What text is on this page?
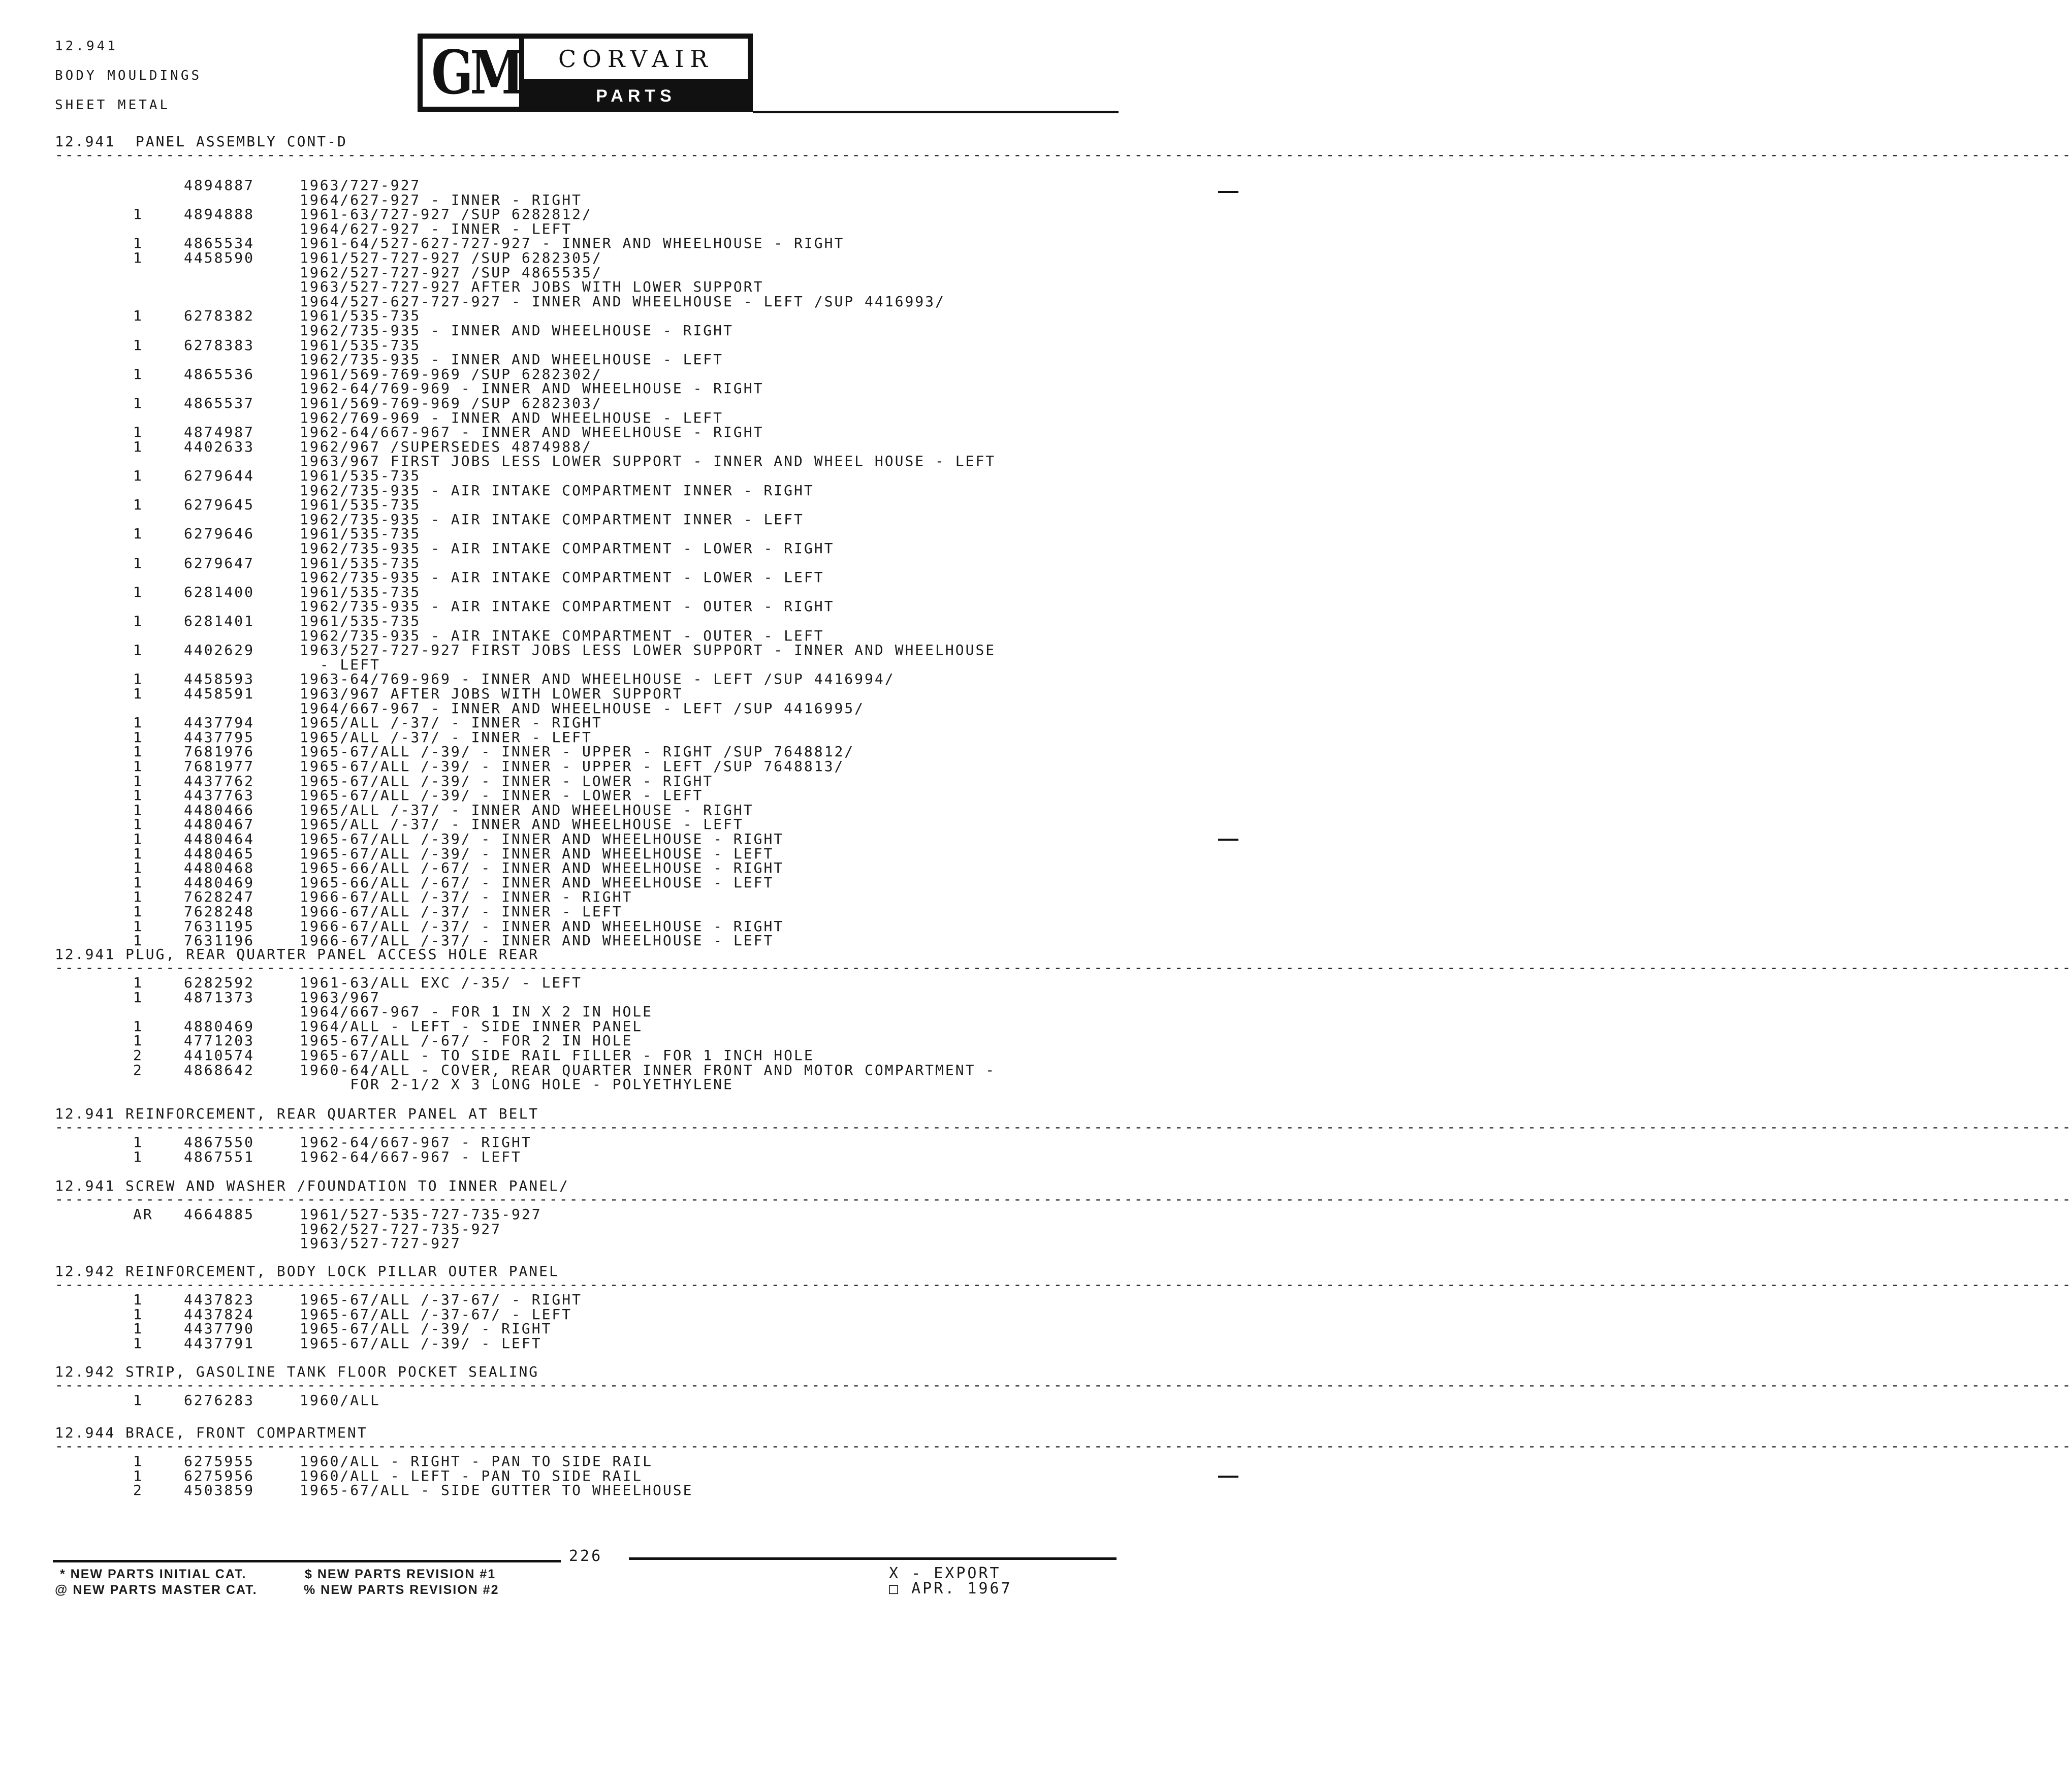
12.941
BODY MOULDINGS
SHEET METAL	GM	CORVAIR
PARTS CATALOGUE
12.941  PANEL ASSEMBLY CONT-D
--------------------------------------------------------------------------------------------------------------------------------------------------------------------------------------------------------
4894887	1963/727-927
1964/627-927 - INNER - RIGHT
1	4894888	1961-63/727-927 /SUP 6282812/
1964/627-927 - INNER - LEFT
1	4865534	1961-64/527-627-727-927 - INNER AND WHEELHOUSE - RIGHT
1	4458590	1961/527-727-927 /SUP 6282305/
1962/527-727-927 /SUP 4865535/
1963/527-727-927 AFTER JOBS WITH LOWER SUPPORT
1964/527-627-727-927 - INNER AND WHEELHOUSE - LEFT /SUP 4416993/
1	6278382	1961/535-735
1962/735-935 - INNER AND WHEELHOUSE - RIGHT
1	6278383	1961/535-735
1962/735-935 - INNER AND WHEELHOUSE - LEFT
1	4865536	1961/569-769-969 /SUP 6282302/
1962-64/769-969 - INNER AND WHEELHOUSE - RIGHT
1	4865537	1961/569-769-969 /SUP 6282303/
1962/769-969 - INNER AND WHEELHOUSE - LEFT
1	4874987	1962-64/667-967 - INNER AND WHEELHOUSE - RIGHT
1	4402633	1962/967 /SUPERSEDES 4874988/
1963/967 FIRST JOBS LESS LOWER SUPPORT - INNER AND WHEEL HOUSE - LEFT
1	6279644	1961/535-735
1962/735-935 - AIR INTAKE COMPARTMENT INNER - RIGHT
1	6279645	1961/535-735
1962/735-935 - AIR INTAKE COMPARTMENT INNER - LEFT
1	6279646	1961/535-735
1962/735-935 - AIR INTAKE COMPARTMENT - LOWER - RIGHT
1	6279647	1961/535-735
1962/735-935 - AIR INTAKE COMPARTMENT - LOWER - LEFT
1	6281400	1961/535-735
1962/735-935 - AIR INTAKE COMPARTMENT - OUTER - RIGHT
1	6281401	1961/535-735
1962/735-935 - AIR INTAKE COMPARTMENT - OUTER - LEFT
1	4402629	1963/527-727-927 FIRST JOBS LESS LOWER SUPPORT - INNER AND WHEELHOUSE
- LEFT
1	4458593	1963-64/769-969 - INNER AND WHEELHOUSE - LEFT /SUP 4416994/
1	4458591	1963/967 AFTER JOBS WITH LOWER SUPPORT
1964/667-967 - INNER AND WHEELHOUSE - LEFT /SUP 4416995/
1	4437794	1965/ALL /-37/ - INNER - RIGHT
1	4437795	1965/ALL /-37/ - INNER - LEFT
1	7681976	1965-67/ALL /-39/ - INNER - UPPER - RIGHT /SUP 7648812/
1	7681977	1965-67/ALL /-39/ - INNER - UPPER - LEFT /SUP 7648813/
1	4437762	1965-67/ALL /-39/ - INNER - LOWER - RIGHT
1	4437763	1965-67/ALL /-39/ - INNER - LOWER - LEFT
1	4480466	1965/ALL /-37/ - INNER AND WHEELHOUSE - RIGHT
1	4480467	1965/ALL /-37/ - INNER AND WHEELHOUSE - LEFT
1	4480464	1965-67/ALL /-39/ - INNER AND WHEELHOUSE - RIGHT
1	4480465	1965-67/ALL /-39/ - INNER AND WHEELHOUSE - LEFT
1	4480468	1965-66/ALL /-67/ - INNER AND WHEELHOUSE - RIGHT
1	4480469	1965-66/ALL /-67/ - INNER AND WHEELHOUSE - LEFT
1	7628247	1966-67/ALL /-37/ - INNER - RIGHT
1	7628248	1966-67/ALL /-37/ - INNER - LEFT
1	7631195	1966-67/ALL /-37/ - INNER AND WHEELHOUSE - RIGHT
1	7631196	1966-67/ALL /-37/ - INNER AND WHEELHOUSE - LEFT
12.941 PLUG, REAR QUARTER PANEL ACCESS HOLE REAR
--------------------------------------------------------------------------------------------------------------------------------------------------------------------------------------------------------
1	6282592	1961-63/ALL EXC /-35/ - LEFT
1	4871373	1963/967
1964/667-967 - FOR 1 IN X 2 IN HOLE
1	4880469	1964/ALL - LEFT - SIDE INNER PANEL
1	4771203	1965-67/ALL /-67/ - FOR 2 IN HOLE
2	4410574	1965-67/ALL - TO SIDE RAIL FILLER - FOR 1 INCH HOLE
2	4868642	1960-64/ALL - COVER, REAR QUARTER INNER FRONT AND MOTOR COMPARTMENT -
FOR 2-1/2 X 3 LONG HOLE - POLYETHYLENE
12.941 REINFORCEMENT, REAR QUARTER PANEL AT BELT
--------------------------------------------------------------------------------------------------------------------------------------------------------------------------------------------------------
1	4867550	1962-64/667-967 - RIGHT
1	4867551	1962-64/667-967 - LEFT
12.941 SCREW AND WASHER /FOUNDATION TO INNER PANEL/
--------------------------------------------------------------------------------------------------------------------------------------------------------------------------------------------------------
AR 4664885	1961/527-535-727-735-927
1962/527-727-735-927
1963/527-727-927
12.942 REINFORCEMENT, BODY LOCK PILLAR OUTER PANEL
--------------------------------------------------------------------------------------------------------------------------------------------------------------------------------------------------------
1	4437823	1965-67/ALL /-37-67/ - RIGHT
1	4437824	1965-67/ALL /-37-67/ - LEFT
1	4437790	1965-67/ALL /-39/ - RIGHT
1	4437791	1965-67/ALL /-39/ - LEFT
12.942 STRIP, GASOLINE TANK FLOOR POCKET SEALING
--------------------------------------------------------------------------------------------------------------------------------------------------------------------------------------------------------
1	6276283	1960/ALL
12.944 BRACE, FRONT COMPARTMENT
--------------------------------------------------------------------------------------------------------------------------------------------------------------------------------------------------------
1	6275955	1960/ALL - RIGHT - PAN TO SIDE RAIL
1	6275956	1960/ALL - LEFT - PAN TO SIDE RAIL
2	4503859	1965-67/ALL - SIDE GUTTER TO WHEELHOUSE
226
* NEW PARTS INITIAL CAT.
@ NEW PARTS MASTER CAT.
$ NEW PARTS REVISION #1
% NEW PARTS REVISION #2
X - EXPORT
□ APR. 1967
